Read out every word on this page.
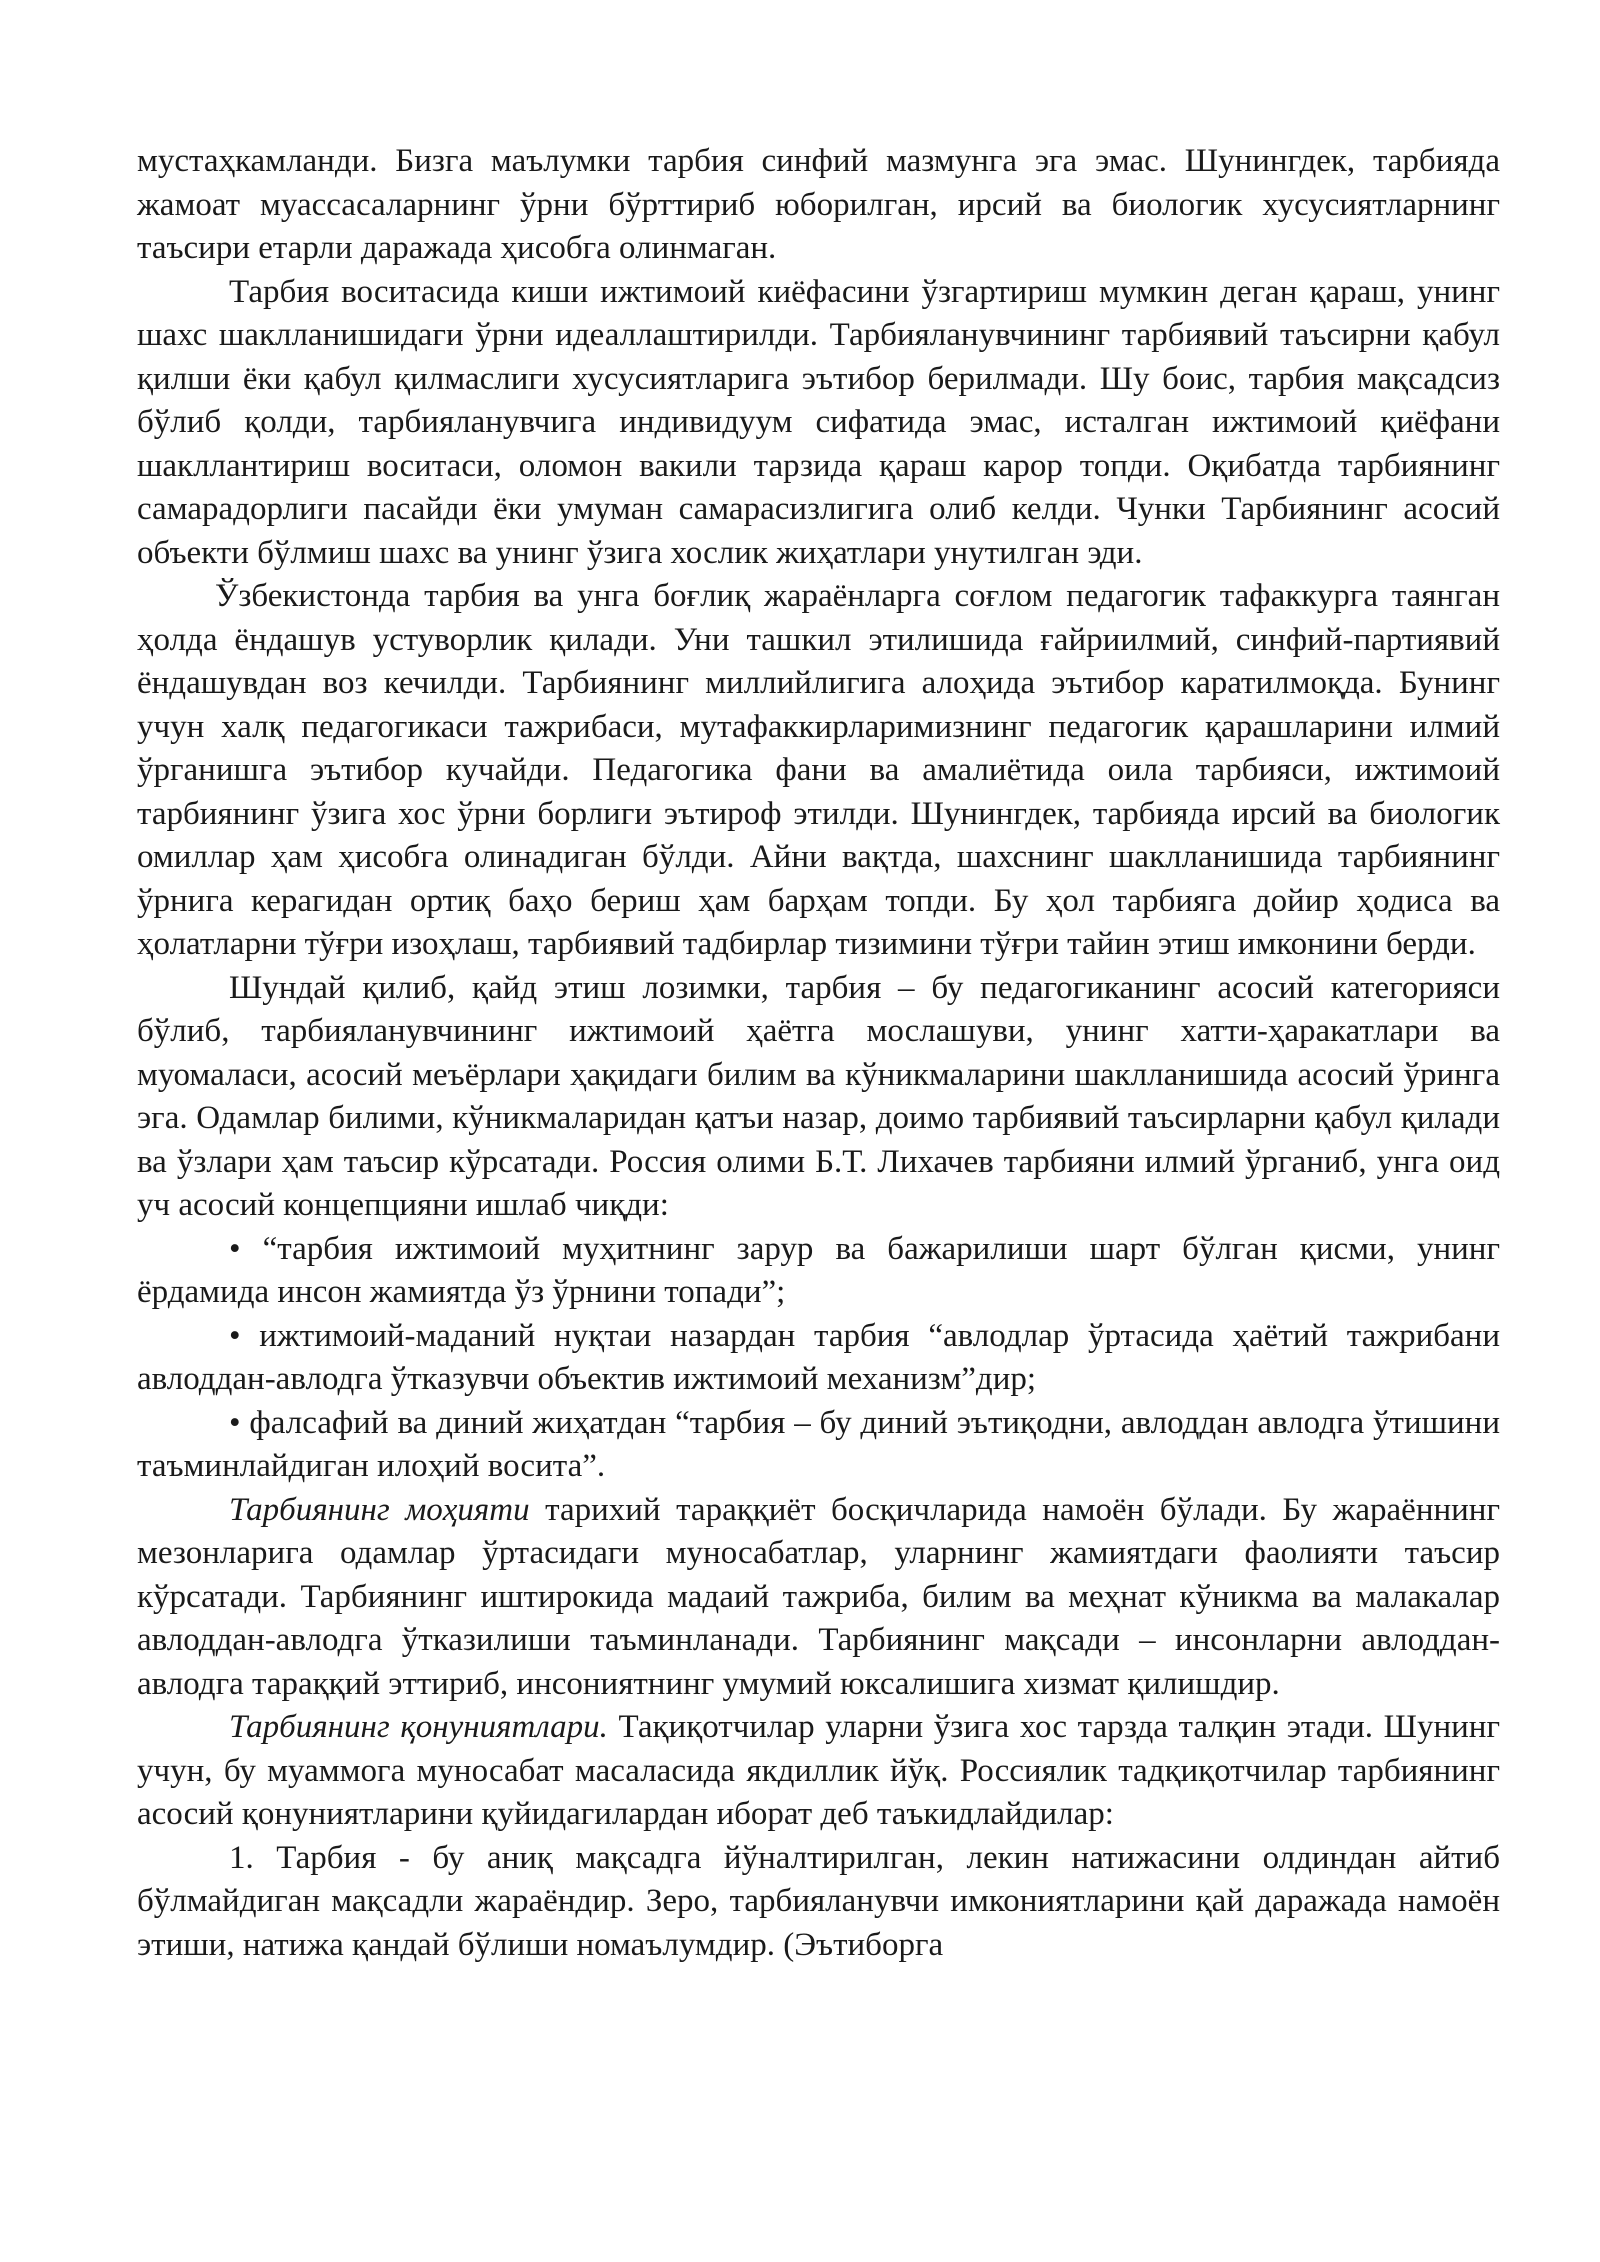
мустаҳкамланди. Бизга маълумки тарбия синфий мазмунга эга эмас. Шунингдек, тарбияда жамоат муассасаларнинг ўрни бўрттириб юборилган, ирсий ва биологик хусусиятларнинг таъсири етарли даражада ҳисобга олинмаган.

Тарбия воситасида киши ижтимоий киёфасини ўзгартириш мумкин деган қараш, унинг шахс шаклланишидаги ўрни идеаллаштирилди. Тарбияланувчининг тарбиявий таъсирни қабул қилши ёки қабул қилмаслиги хусусиятларига эътибор берилмади. Шу боис, тарбия мақсадсиз бўлиб қолди, тарбияланувчига индивидуум сифатида эмас, исталган ижтимоий қиёфани шакллантириш воситаси, оломон вакили тарзида қараш карор топди. Оқибатда тарбиянинг самарадорлиги пасайди ёки умуман самарасизлигига олиб келди. Чунки Тарбиянинг асосий объекти бўлмиш шахс ва унинг ўзига хослик жиҳатлари унутилган эди.

Ўзбекистонда тарбия ва унга боғлиқ жараёнларга соғлом педагогик тафаккурга таянган ҳолда ёндашув устуворлик қилади. Уни ташкил этилишида ғайриилмий, синфий-партиявий ёндашувдан воз кечилди. Тарбиянинг миллийлигига алоҳида эътибор каратилмоқда. Бунинг учун халқ педагогикаси тажрибаси, мутафаккирларимизнинг педагогик қарашларини илмий ўрганишга эътибор кучайди. Педагогика фани ва амалиётида оила тарбияси, ижтимоий тарбиянинг ўзига хос ўрни борлиги эътироф этилди. Шунингдек, тарбияда ирсий ва биологик омиллар ҳам ҳисобга олинадиган бўлди. Айни вақтда, шахснинг шаклланишида тарбиянинг ўрнига керагидан ортиқ баҳо бериш ҳам барҳам топди. Бу ҳол тарбияга дойир ҳодиса ва ҳолатларни тўғри изоҳлаш, тарбиявий тадбирлар тизимини тўғри тайин этиш имконини берди.

Шундай қилиб, қайд этиш лозимки, тарбия – бу педагогиканинг асосий категорияси бўлиб, тарбияланувчининг ижтимоий ҳаётга мослашуви, унинг хатти-ҳаракатлари ва муомаласи, асосий меъёрлари ҳақидаги билим ва кўникмаларини шаклланишида асосий ўринга эга. Одамлар билими, кўникмаларидан қатъи назар, доимо тарбиявий таъсирларни қабул қилади ва ўзлари ҳам таъсир кўрсатади. Россия олими Б.Т. Лихачев тарбияни илмий ўрганиб, унга оид уч асосий концепцияни ишлаб чиқди:

• “тарбия ижтимоий муҳитнинг зарур ва бажарилиши шарт бўлган қисми, унинг ёрдамида инсон жамиятда ўз ўрнини топади”;

• ижтимоий-маданий нуқтаи назардан тарбия “авлодлар ўртасида ҳаётий тажрибани авлоддан-авлодга ўтказувчи объектив ижтимоий механизм”дир;

• фалсафий ва диний жиҳатдан “тарбия – бу диний эътиқодни, авлоддан авлодга ўтишини таъминлайдиган илоҳий восита”.

Тарбиянинг моҳияти тарихий тараққиёт босқичларида намоён бўлади. Бу жараённинг мезонларига одамлар ўртасидаги муносабатлар, уларнинг жамиятдаги фаолияти таъсир кўрсатади. Тарбиянинг иштирокида мадаий тажриба, билим ва меҳнат кўникма ва малакалар авлоддан-авлодга ўтказилиши таъминланади. Тарбиянинг мақсади – инсонларни авлоддан-авлодга тараққий эттириб, инсониятнинг умумий юксалишига хизмат қилишдир.

Тарбиянинг қонуниятлари. Тақиқотчилар уларни ўзига хос тарзда талқин этади. Шунинг учун, бу муаммога муносабат масаласида якдиллик йўқ. Россиялик тадқиқотчилар тарбиянинг асосий қонуниятларини қуйидагилардан иборат деб таъкидлайдилар:

1. Тарбия - бу аниқ мақсадга йўналтирилган, лекин натижасини олдиндан айтиб бўлмайдиган мақсадли жараёндир. Зеро, тарбияланувчи имкониятларини қай даражада намоён этиши, натижа қандай бўлиши номаълумдир. (Эътиборга
